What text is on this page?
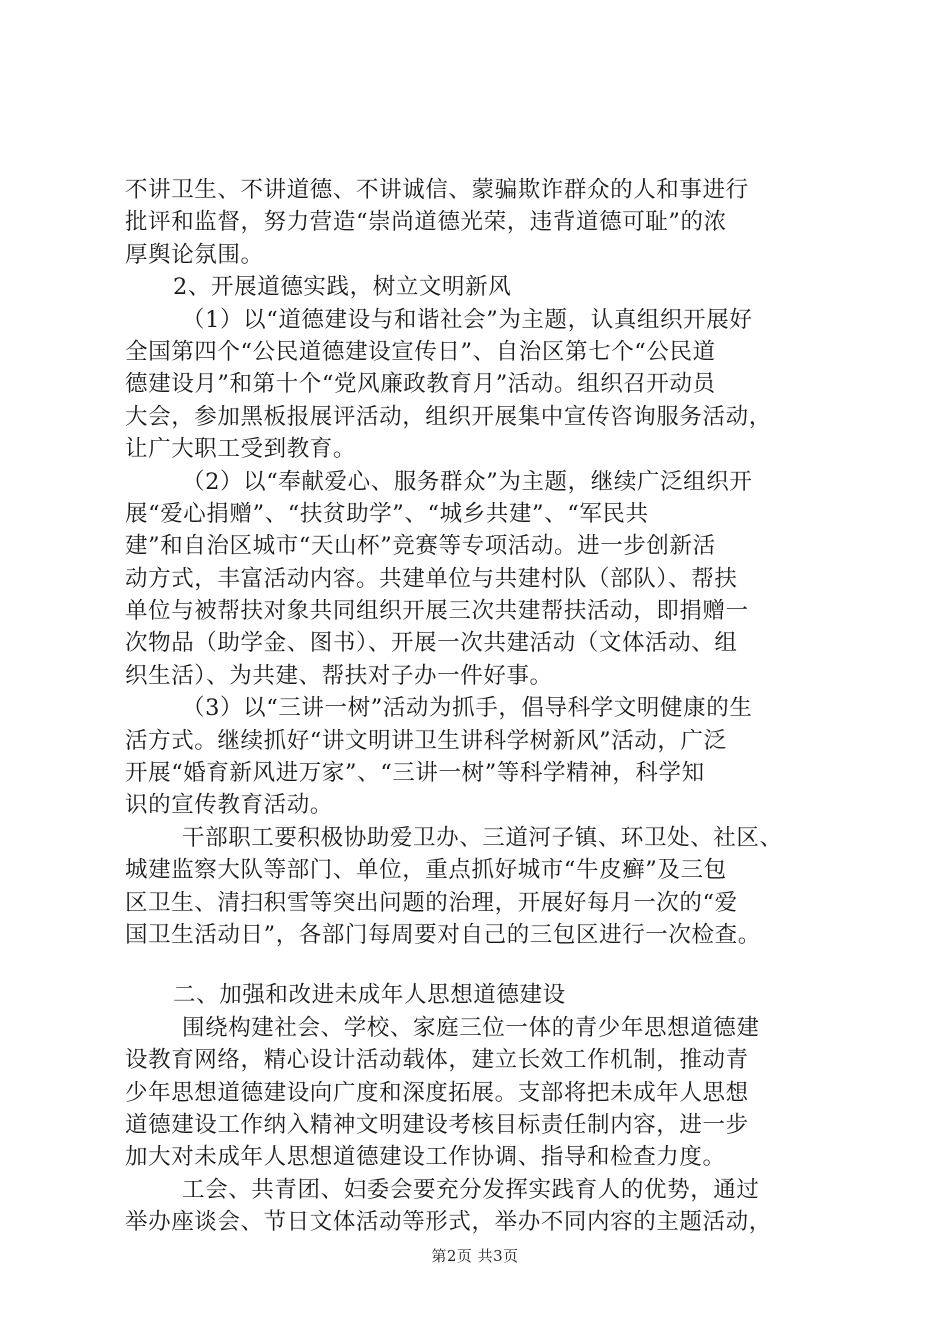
不讲卫生、不讲道德、不讲诚信、蒙骗欺诈群众的人和事进行
批评和监督，努力营造“崇尚道德光荣，违背道德可耻”的浓
厚舆论氛围。
2、开展道德实践，树立文明新风
（1）以“道德建设与和谐社会”为主题，认真组织开展好
全国第四个“公民道德建设宣传日”、自治区第七个“公民道
德建设月”和第十个“党风廉政教育月”活动。组织召开动员
大会，参加黑板报展评活动，组织开展集中宣传咨询服务活动，
让广大职工受到教育。
（2）以“奉献爱心、服务群众”为主题，继续广泛组织开
展“爱心捐赠”、“扶贫助学”、“城乡共建”、“军民共
建”和自治区城市“天山杯”竞赛等专项活动。进一步创新活
动方式，丰富活动内容。共建单位与共建村队（部队）、帮扶
单位与被帮扶对象共同组织开展三次共建帮扶活动，即捐赠一
次物品（助学金、图书）、开展一次共建活动（文体活动、组
织生活）、为共建、帮扶对子办一件好事。
（3）以“三讲一树”活动为抓手，倡导科学文明健康的生
活方式。继续抓好“讲文明讲卫生讲科学树新风”活动，广泛
开展“婚育新风进万家”、“三讲一树”等科学精神，科学知
识的宣传教育活动。
干部职工要积极协助爱卫办、三道河子镇、环卫处、社区、
城建监察大队等部门、单位，重点抓好城市“牛皮癣”及三包
区卫生、清扫积雪等突出问题的治理，开展好每月一次的“爱
国卫生活动日”，各部门每周要对自己的三包区进行一次检查。
二、加强和改进未成年人思想道德建设
围绕构建社会、学校、家庭三位一体的青少年思想道德建
设教育网络，精心设计活动载体，建立长效工作机制，推动青
少年思想道德建设向广度和深度拓展。支部将把未成年人思想
道德建设工作纳入精神文明建设考核目标责任制内容，进一步
加大对未成年人思想道德建设工作协调、指导和检查力度。
工会、共青团、妇委会要充分发挥实践育人的优势，通过
举办座谈会、节日文体活动等形式，举办不同内容的主题活动，
第2页 共3页
